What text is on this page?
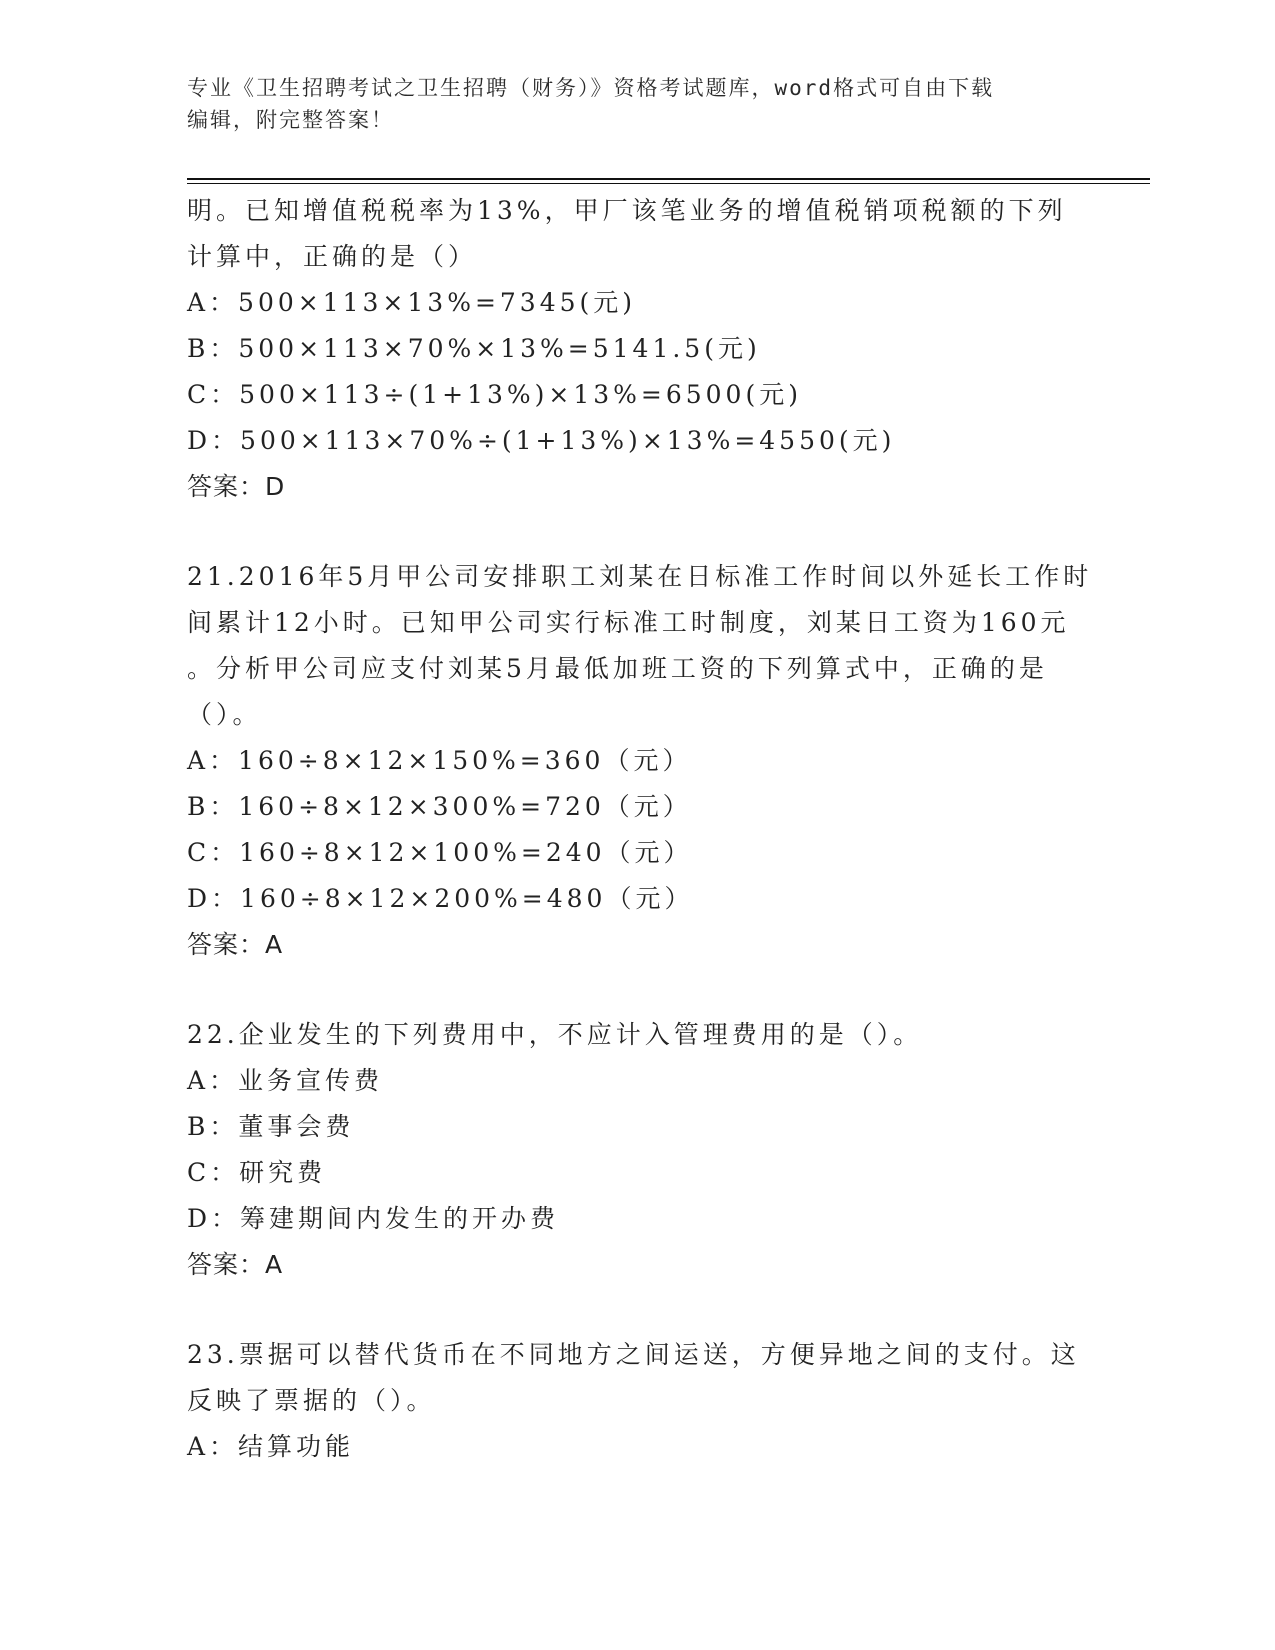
专业《卫生招聘考试之卫生招聘（财务）》资格考试题库，word格式可自由下载
编辑，附完整答案！
明。已知增值税税率为13%，甲厂该笔业务的增值税销项税额的下列
计算中，正确的是（）
A：500×113×13%=7345(元)
B：500×113×70%×13%=5141.5(元)
C：500×113÷(1+13%)×13%=6500(元)
D：500×113×70%÷(1+13%)×13%=4550(元)
答案：D
21.2016年5月甲公司安排职工刘某在日标准工作时间以外延长工作时
间累计12小时。已知甲公司实行标准工时制度，刘某日工资为160元
。分析甲公司应支付刘某5月最低加班工资的下列算式中，正确的是
（）。
A：160÷8×12×150%=360（元）
B：160÷8×12×300%=720（元）
C：160÷8×12×100%=240（元）
D：160÷8×12×200%=480（元）
答案：A
22.企业发生的下列费用中，不应计入管理费用的是（）。
A：业务宣传费
B：董事会费
C：研究费
D：筹建期间内发生的开办费
答案：A
23.票据可以替代货币在不同地方之间运送，方便异地之间的支付。这
反映了票据的（）。
A：结算功能
